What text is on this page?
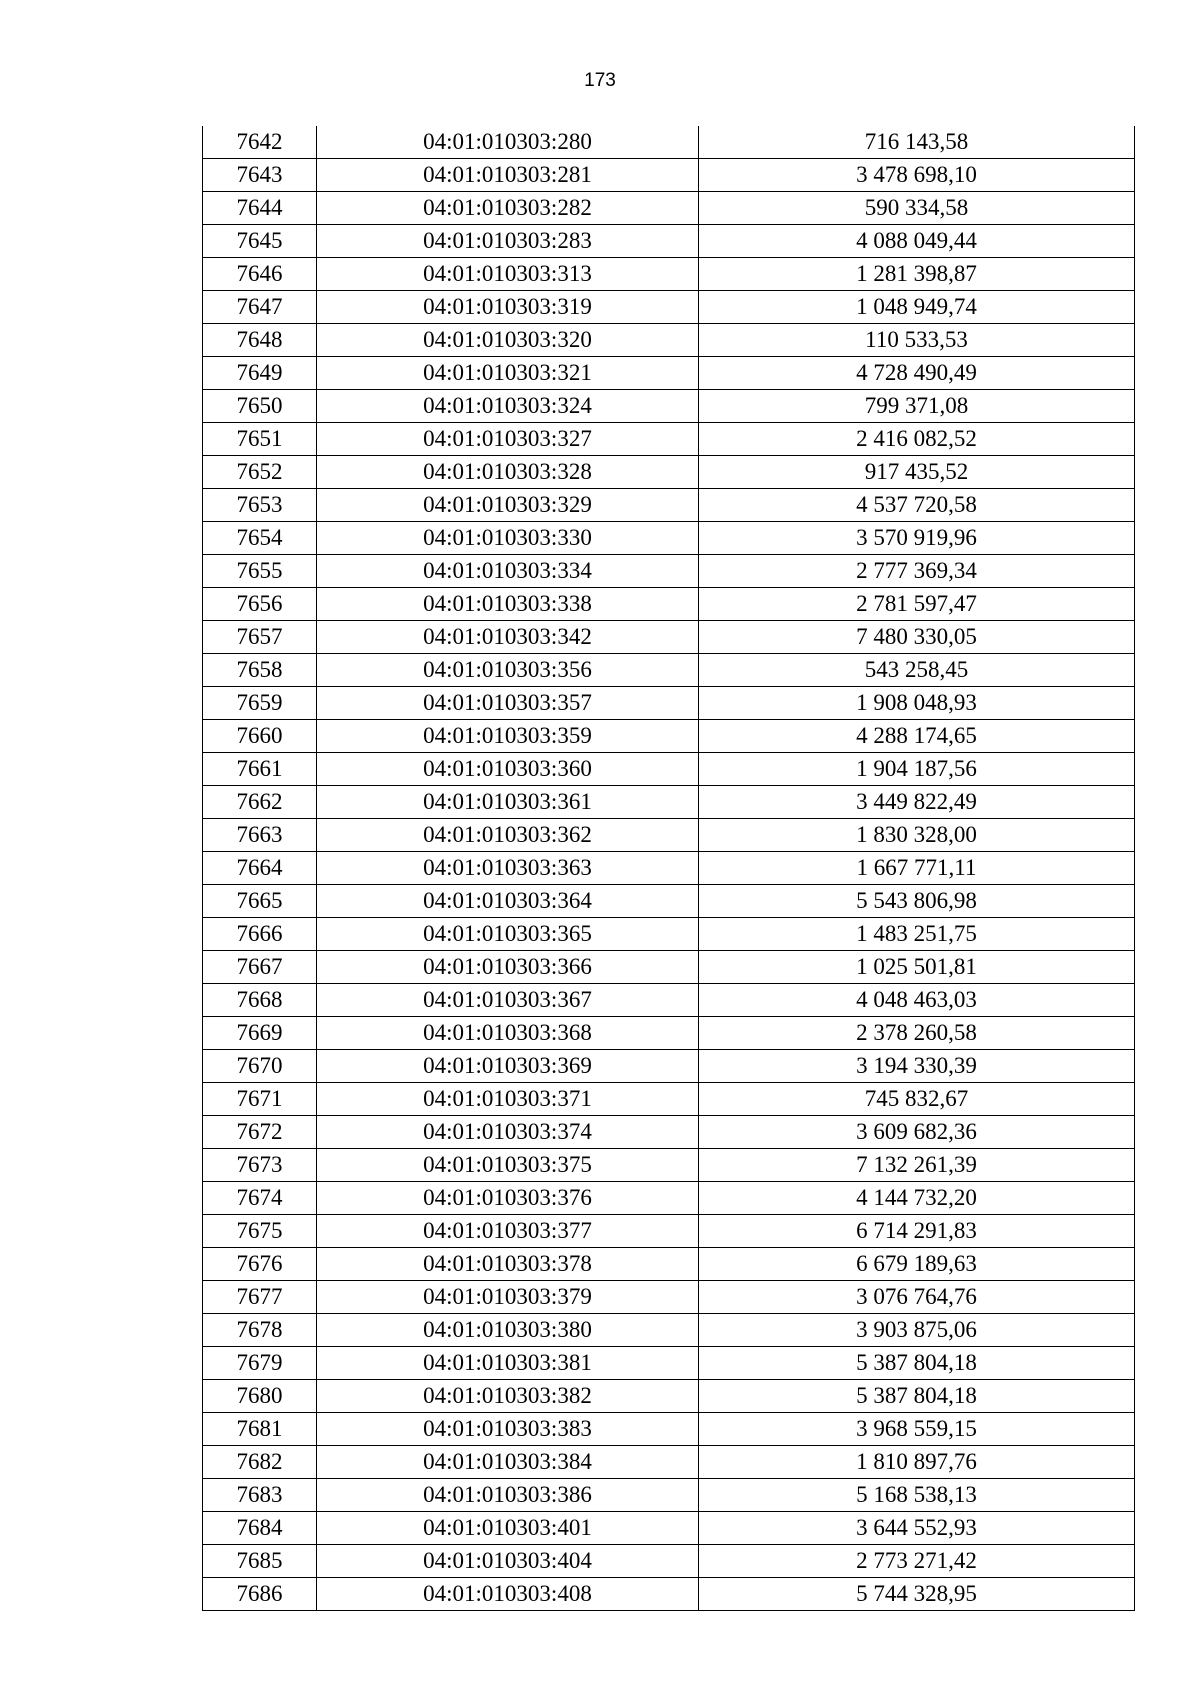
173
7642	04:01:010303:280	716 143,58
7643	04:01:010303:281	3 478 698,10
7644	04:01:010303:282	590 334,58
7645	04:01:010303:283	4 088 049,44
7646	04:01:010303:313	1 281 398,87
7647	04:01:010303:319	1 048 949,74
7648	04:01:010303:320	110 533,53
7649	04:01:010303:321	4 728 490,49
7650	04:01:010303:324	799 371,08
7651	04:01:010303:327	2 416 082,52
7652	04:01:010303:328	917 435,52
7653	04:01:010303:329	4 537 720,58
7654	04:01:010303:330	3 570 919,96
7655	04:01:010303:334	2 777 369,34
7656	04:01:010303:338	2 781 597,47
7657	04:01:010303:342	7 480 330,05
7658	04:01:010303:356	543 258,45
7659	04:01:010303:357	1 908 048,93
7660	04:01:010303:359	4 288 174,65
7661	04:01:010303:360	1 904 187,56
7662	04:01:010303:361	3 449 822,49
7663	04:01:010303:362	1 830 328,00
7664	04:01:010303:363	1 667 771,11
7665	04:01:010303:364	5 543 806,98
7666	04:01:010303:365	1 483 251,75
7667	04:01:010303:366	1 025 501,81
7668	04:01:010303:367	4 048 463,03
7669	04:01:010303:368	2 378 260,58
7670	04:01:010303:369	3 194 330,39
7671	04:01:010303:371	745 832,67
7672	04:01:010303:374	3 609 682,36
7673	04:01:010303:375	7 132 261,39
7674	04:01:010303:376	4 144 732,20
7675	04:01:010303:377	6 714 291,83
7676	04:01:010303:378	6 679 189,63
7677	04:01:010303:379	3 076 764,76
7678	04:01:010303:380	3 903 875,06
7679	04:01:010303:381	5 387 804,18
7680	04:01:010303:382	5 387 804,18
7681	04:01:010303:383	3 968 559,15
7682	04:01:010303:384	1 810 897,76
7683	04:01:010303:386	5 168 538,13
7684	04:01:010303:401	3 644 552,93
7685	04:01:010303:404	2 773 271,42
7686	04:01:010303:408	5 744 328,95
